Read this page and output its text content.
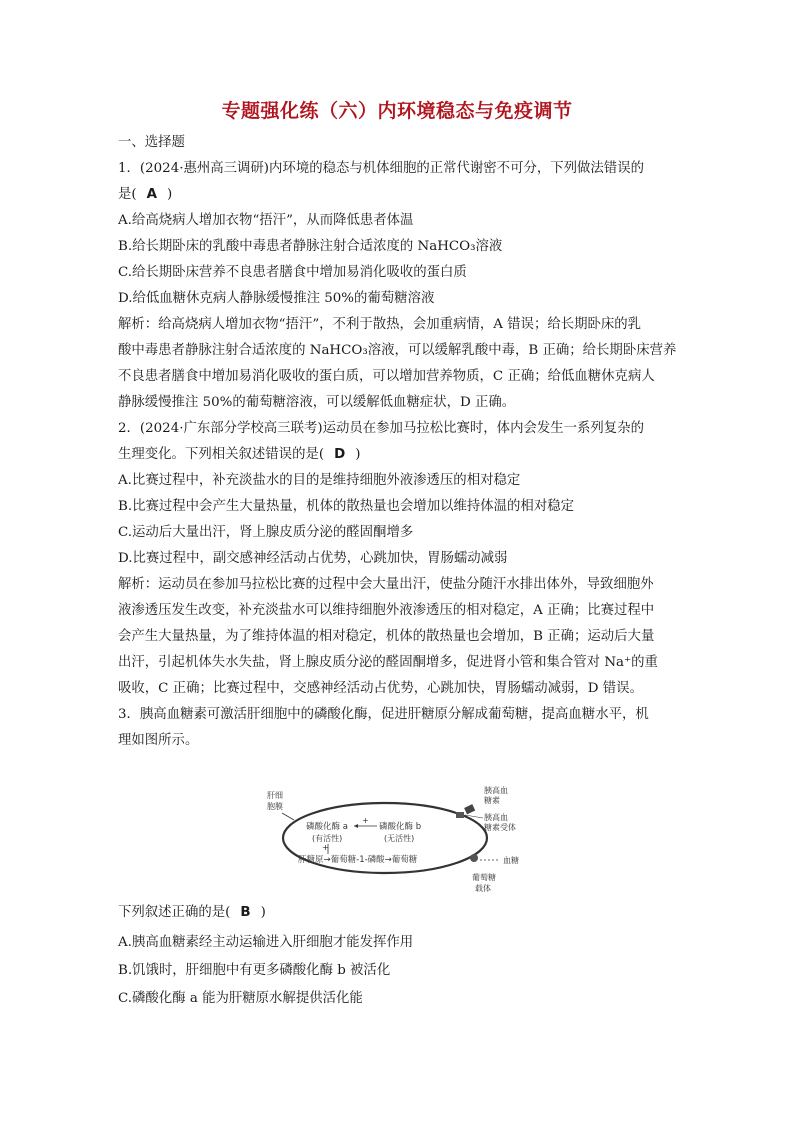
专题强化练（六）内环境稳态与免疫调节
一、选择题
1．(2024·惠州高三调研)内环境的稳态与机体细胞的正常代谢密不可分，下列做法错误的
是( A )
A.给高烧病人增加衣物“捂汗”，从而降低患者体温
B.给长期卧床的乳酸中毒患者静脉注射合适浓度的 NaHCO₃溶液
C.给长期卧床营养不良患者膳食中增加易消化吸收的蛋白质
D.给低血糖休克病人静脉缓慢推注 50%的葡萄糖溶液
解析：给高烧病人增加衣物“捂汗”，不利于散热，会加重病情，A 错误；给长期卧床的乳
酸中毒患者静脉注射合适浓度的 NaHCO₃溶液，可以缓解乳酸中毒，B 正确；给长期卧床营养
不良患者膳食中增加易消化吸收的蛋白质，可以增加营养物质，C 正确；给低血糖休克病人
静脉缓慢推注 50%的葡萄糖溶液，可以缓解低血糖症状，D 正确。
2．(2024·广东部分学校高三联考)运动员在参加马拉松比赛时，体内会发生一系列复杂的
生理变化。下列相关叙述错误的是( D )
A.比赛过程中，补充淡盐水的目的是维持细胞外液渗透压的相对稳定
B.比赛过程中会产生大量热量，机体的散热量也会增加以维持体温的相对稳定
C.运动后大量出汗，肾上腺皮质分泌的醛固酮增多
D.比赛过程中，副交感神经活动占优势，心跳加快，胃肠蠕动减弱
解析：运动员在参加马拉松比赛的过程中会大量出汗，使盐分随汗水排出体外，导致细胞外
液渗透压发生改变，补充淡盐水可以维持细胞外液渗透压的相对稳定，A 正确；比赛过程中
会产生大量热量，为了维持体温的相对稳定，机体的散热量也会增加，B 正确；运动后大量
出汗，引起机体失水失盐，肾上腺皮质分泌的醛固酮增多，促进肾小管和集合管对 Na⁺的重
吸收，C 正确；比赛过程中，交感神经活动占优势，心跳加快，胃肠蠕动减弱，D 错误。
3．胰高血糖素可激活肝细胞中的磷酸化酶，促进肝糖原分解成葡萄糖，提高血糖水平，机
理如图所示。
肝细
胞膜
胰高血
糖素
胰高血
糖素受体
磷酸化酶 a
(有活性)
磷酸化酶 b
(无活性)
+
+
肝糖原→葡萄糖-1-磷酸→葡萄糖	血糖
葡萄糖
载体
下列叙述正确的是( B )
A.胰高血糖素经主动运输进入肝细胞才能发挥作用
B.饥饿时，肝细胞中有更多磷酸化酶 b 被活化
C.磷酸化酶 a 能为肝糖原水解提供活化能
